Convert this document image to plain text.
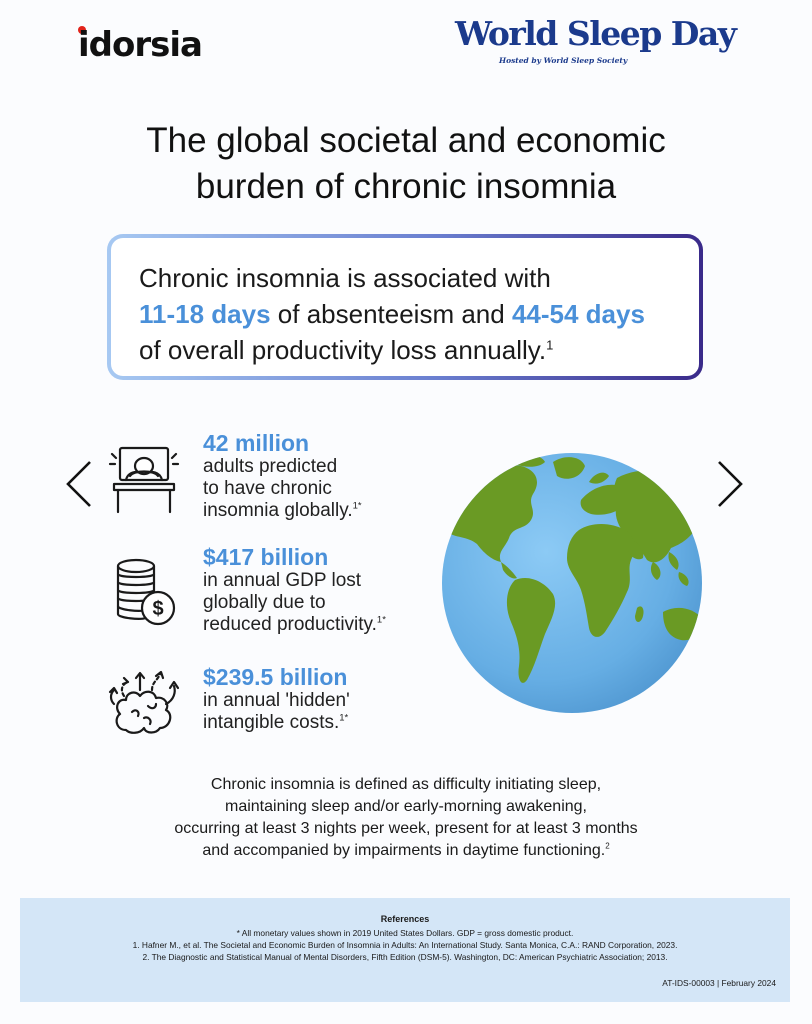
idorsia	World Sleep Day
Hosted by World Sleep Society
The global societal and economic
burden of chronic insomnia
Chronic insomnia is associated with
11-18 days of absenteeism and 44-54 days
of overall productivity loss annually.$^1$
$
42 million
adults predicted
to have chronic
insomnia globally.$^{1*}$
$417 billion
in annual GDP lost
globally due to
reduced productivity.$^{1*}$
$239.5 billion
in annual 'hidden'
intangible costs.$^{1*}$
Chronic insomnia is defined as difficulty initiating sleep,
maintaining sleep and/or early-morning awakening,
occurring at least 3 nights per week, present for at least 3 months
and accompanied by impairments in daytime functioning.$^2$
References
* All monetary values shown in 2019 United States Dollars. GDP = gross domestic product.
1. Hafner M., et al. The Societal and Economic Burden of Insomnia in Adults: An International Study. Santa Monica, C.A.: RAND Corporation, 2023.
2. The Diagnostic and Statistical Manual of Mental Disorders, Fifth Edition (DSM-5). Washington, DC: American Psychiatric Association; 2013.
AT-IDS-00003 | February 2024
